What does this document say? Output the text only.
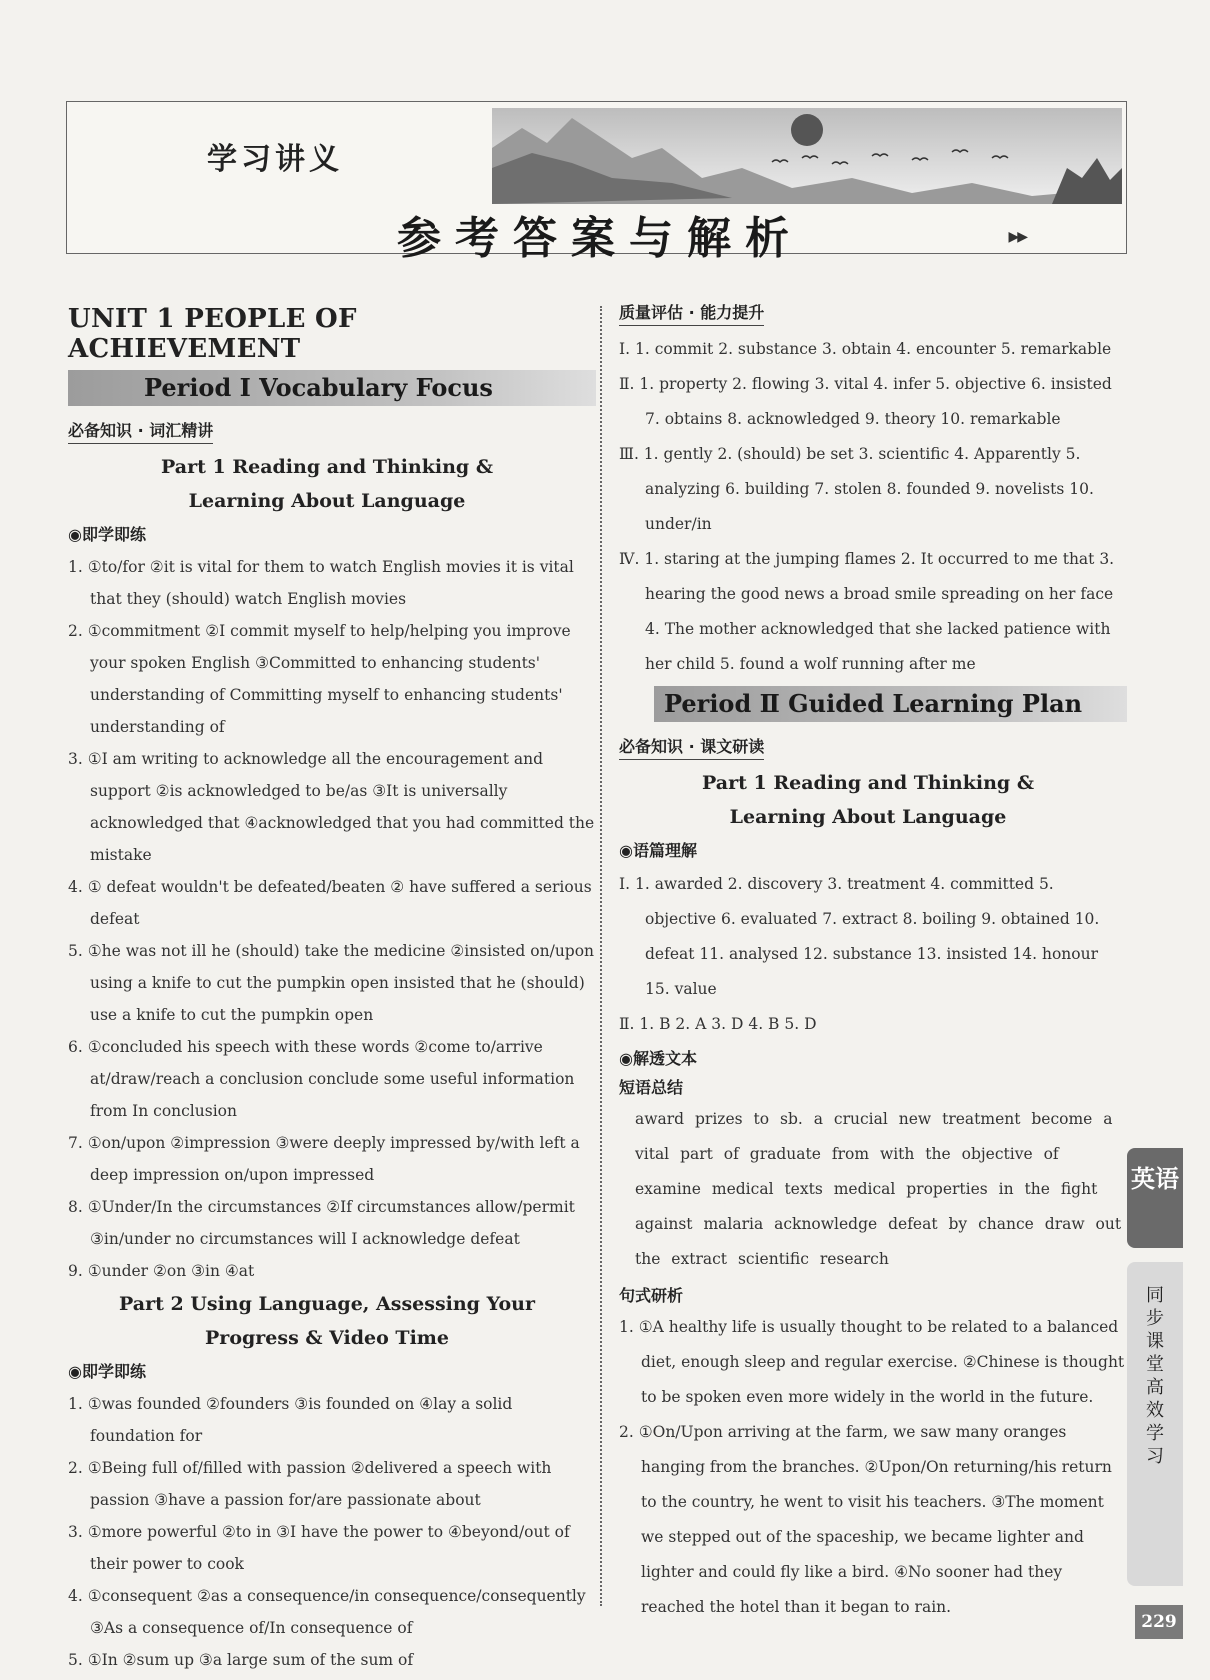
学习讲义
参考答案与解析	▶▶
UNIT 1 PEOPLE OF ACHIEVEMENT
Period Ⅰ Vocabulary Focus
必备知识 · 词汇精讲
Part 1 Reading and Thinking &
Learning About Language
◉即学即练
1. ①to/for ②it is vital for them to watch English movies it is vital that they (should) watch English movies
2. ①commitment ②I commit myself to help/helping you improve your spoken English ③Committed to enhancing students' understanding of Committing myself to enhancing students' understanding of
3. ①I am writing to acknowledge all the encouragement and support ②is acknowledged to be/as ③It is universally acknowledged that ④acknowledged that you had committed the mistake
4. ① defeat wouldn't be defeated/beaten ② have suffered a serious defeat
5. ①he was not ill he (should) take the medicine ②insisted on/upon using a knife to cut the pumpkin open insisted that he (should) use a knife to cut the pumpkin open
6. ①concluded his speech with these words ②come to/arrive at/draw/reach a conclusion conclude some useful information from In conclusion
7. ①on/upon ②impression ③were deeply impressed by/with left a deep impression on/upon impressed
8. ①Under/In the circumstances ②If circumstances allow/permit ③in/under no circumstances will I acknowledge defeat
9. ①under ②on ③in ④at
Part 2 Using Language, Assessing Your
Progress & Video Time
◉即学即练
1. ①was founded ②founders ③is founded on ④lay a solid foundation for
2. ①Being full of/filled with passion ②delivered a speech with passion ③have a passion for/are passionate about
3. ①more powerful ②to in ③I have the power to ④beyond/out of their power to cook
4. ①consequent ②as a consequence/in consequence/consequently ③As a consequence of/In consequence of
5. ①In ②sum up ③a large sum of the sum of
质量评估 · 能力提升
Ⅰ. 1. commit 2. substance 3. obtain 4. encounter 5. remarkable
Ⅱ. 1. property 2. flowing 3. vital 4. infer 5. objective 6. insisted 7. obtains 8. acknowledged 9. theory 10. remarkable
Ⅲ. 1. gently 2. (should) be set 3. scientific 4. Apparently 5. analyzing 6. building 7. stolen 8. founded 9. novelists 10. under/in
Ⅳ. 1. staring at the jumping flames 2. It occurred to me that 3. hearing the good news a broad smile spreading on her face 4. The mother acknowledged that she lacked patience with her child 5. found a wolf running after me
Period Ⅱ Guided Learning Plan
必备知识 · 课文研读
Part 1 Reading and Thinking &
Learning About Language
◉语篇理解
Ⅰ. 1. awarded 2. discovery 3. treatment 4. committed 5. objective 6. evaluated 7. extract 8. boiling 9. obtained 10. defeat 11. analysed 12. substance 13. insisted 14. honour 15. value
Ⅱ. 1. B 2. A 3. D 4. B 5. D
◉解透文本
短语总结
award prizes to sb. a crucial new treatment become a vital part of graduate from with the objective of examine medical texts medical properties in the fight against malaria acknowledge defeat by chance draw out the extract scientific research
句式研析
1. ①A healthy life is usually thought to be related to a balanced diet, enough sleep and regular exercise. ②Chinese is thought to be spoken even more widely in the world in the future.
2. ①On/Upon arriving at the farm, we saw many oranges hanging from the branches. ②Upon/On returning/his return to the country, he went to visit his teachers. ③The moment we stepped out of the spaceship, we became lighter and lighter and could fly like a bird. ④No sooner had they reached the hotel than it began to rain.
英语
同步课堂 高效学习
229
